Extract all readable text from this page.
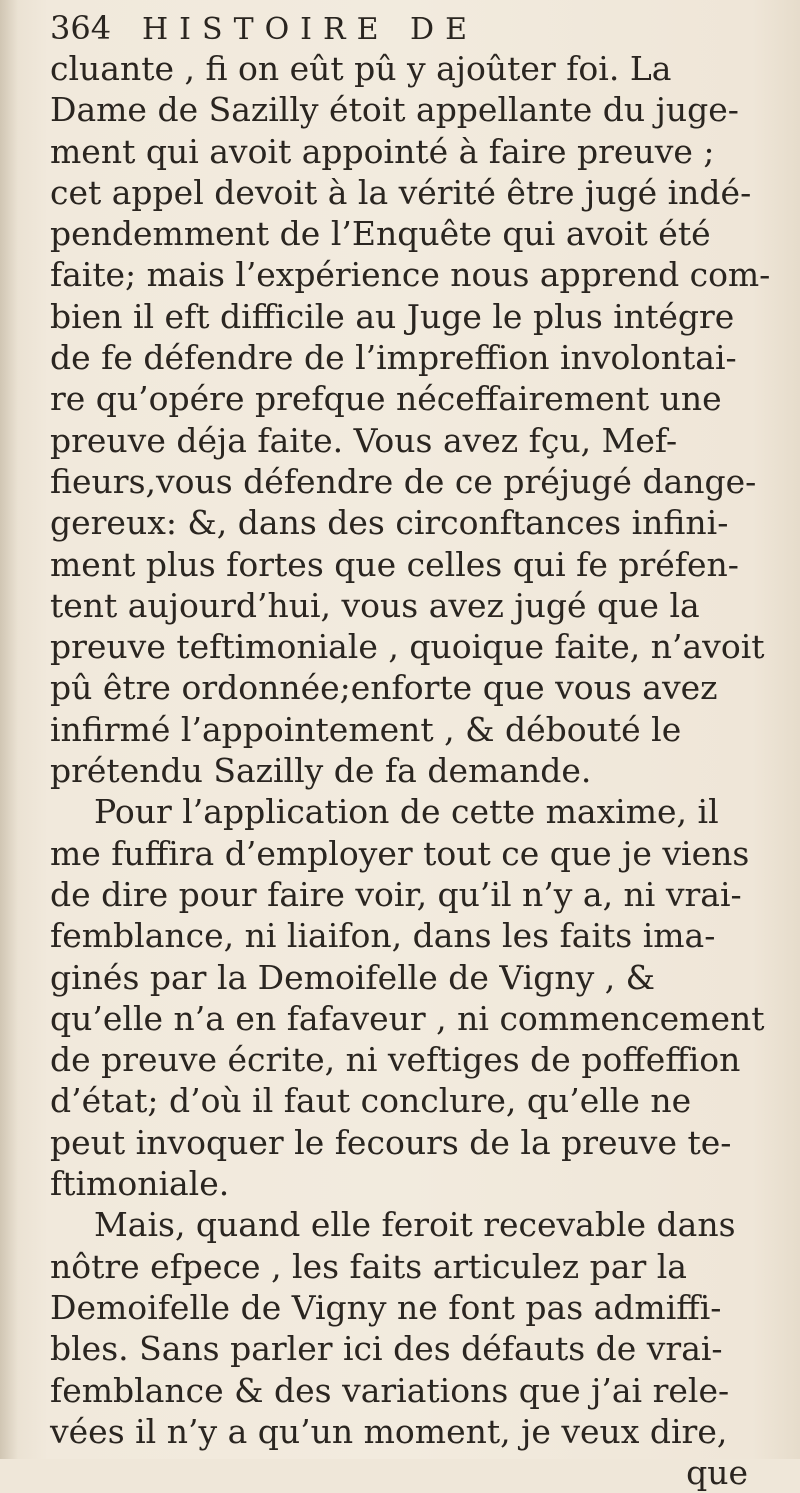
364 HISTOIRE DE
cluante , fi on eût pû y ajoûter foi. La
Dame de Sazilly étoit appellante du juge-
ment qui avoit appointé à faire preuve ;
cet appel devoit à la vérité être jugé indé-
pendemment de l’Enquête qui avoit été
faite; mais l’expérience nous apprend com-
bien il eft difficile au Juge le plus intégre
de fe défendre de l’impreffion involontai-
re qu’opére prefque néceffairement une
preuve déja faite. Vous avez fçu, Mef-
fieurs,vous défendre de ce préjugé dange-
gereux: &, dans des circonftances infini-
ment plus fortes que celles qui fe préfen-
tent aujourd’hui, vous avez jugé que la
preuve teftimoniale , quoique faite, n’avoit
pû être ordonnée;enforte que vous avez
infirmé l’appointement , & débouté le
prétendu Sazilly de fa demande.
Pour l’application de cette maxime, il
me fuffira d’employer tout ce que je viens
de dire pour faire voir, qu’il n’y a, ni vrai-
femblance, ni liaifon, dans les faits ima-
ginés par la Demoifelle de Vigny , &
qu’elle n’a en fafaveur , ni commencement
de preuve écrite, ni veftiges de poffeffion
d’état; d’où il faut conclure, qu’elle ne
peut invoquer le fecours de la preuve te-
ftimoniale.
Mais, quand elle feroit recevable dans
nôtre efpece , les faits articulez par la
Demoifelle de Vigny ne font pas admiffi-
bles. Sans parler ici des défauts de vrai-
femblance & des variations que j’ai rele-
vées il n’y a qu’un moment, je veux dire,
que
